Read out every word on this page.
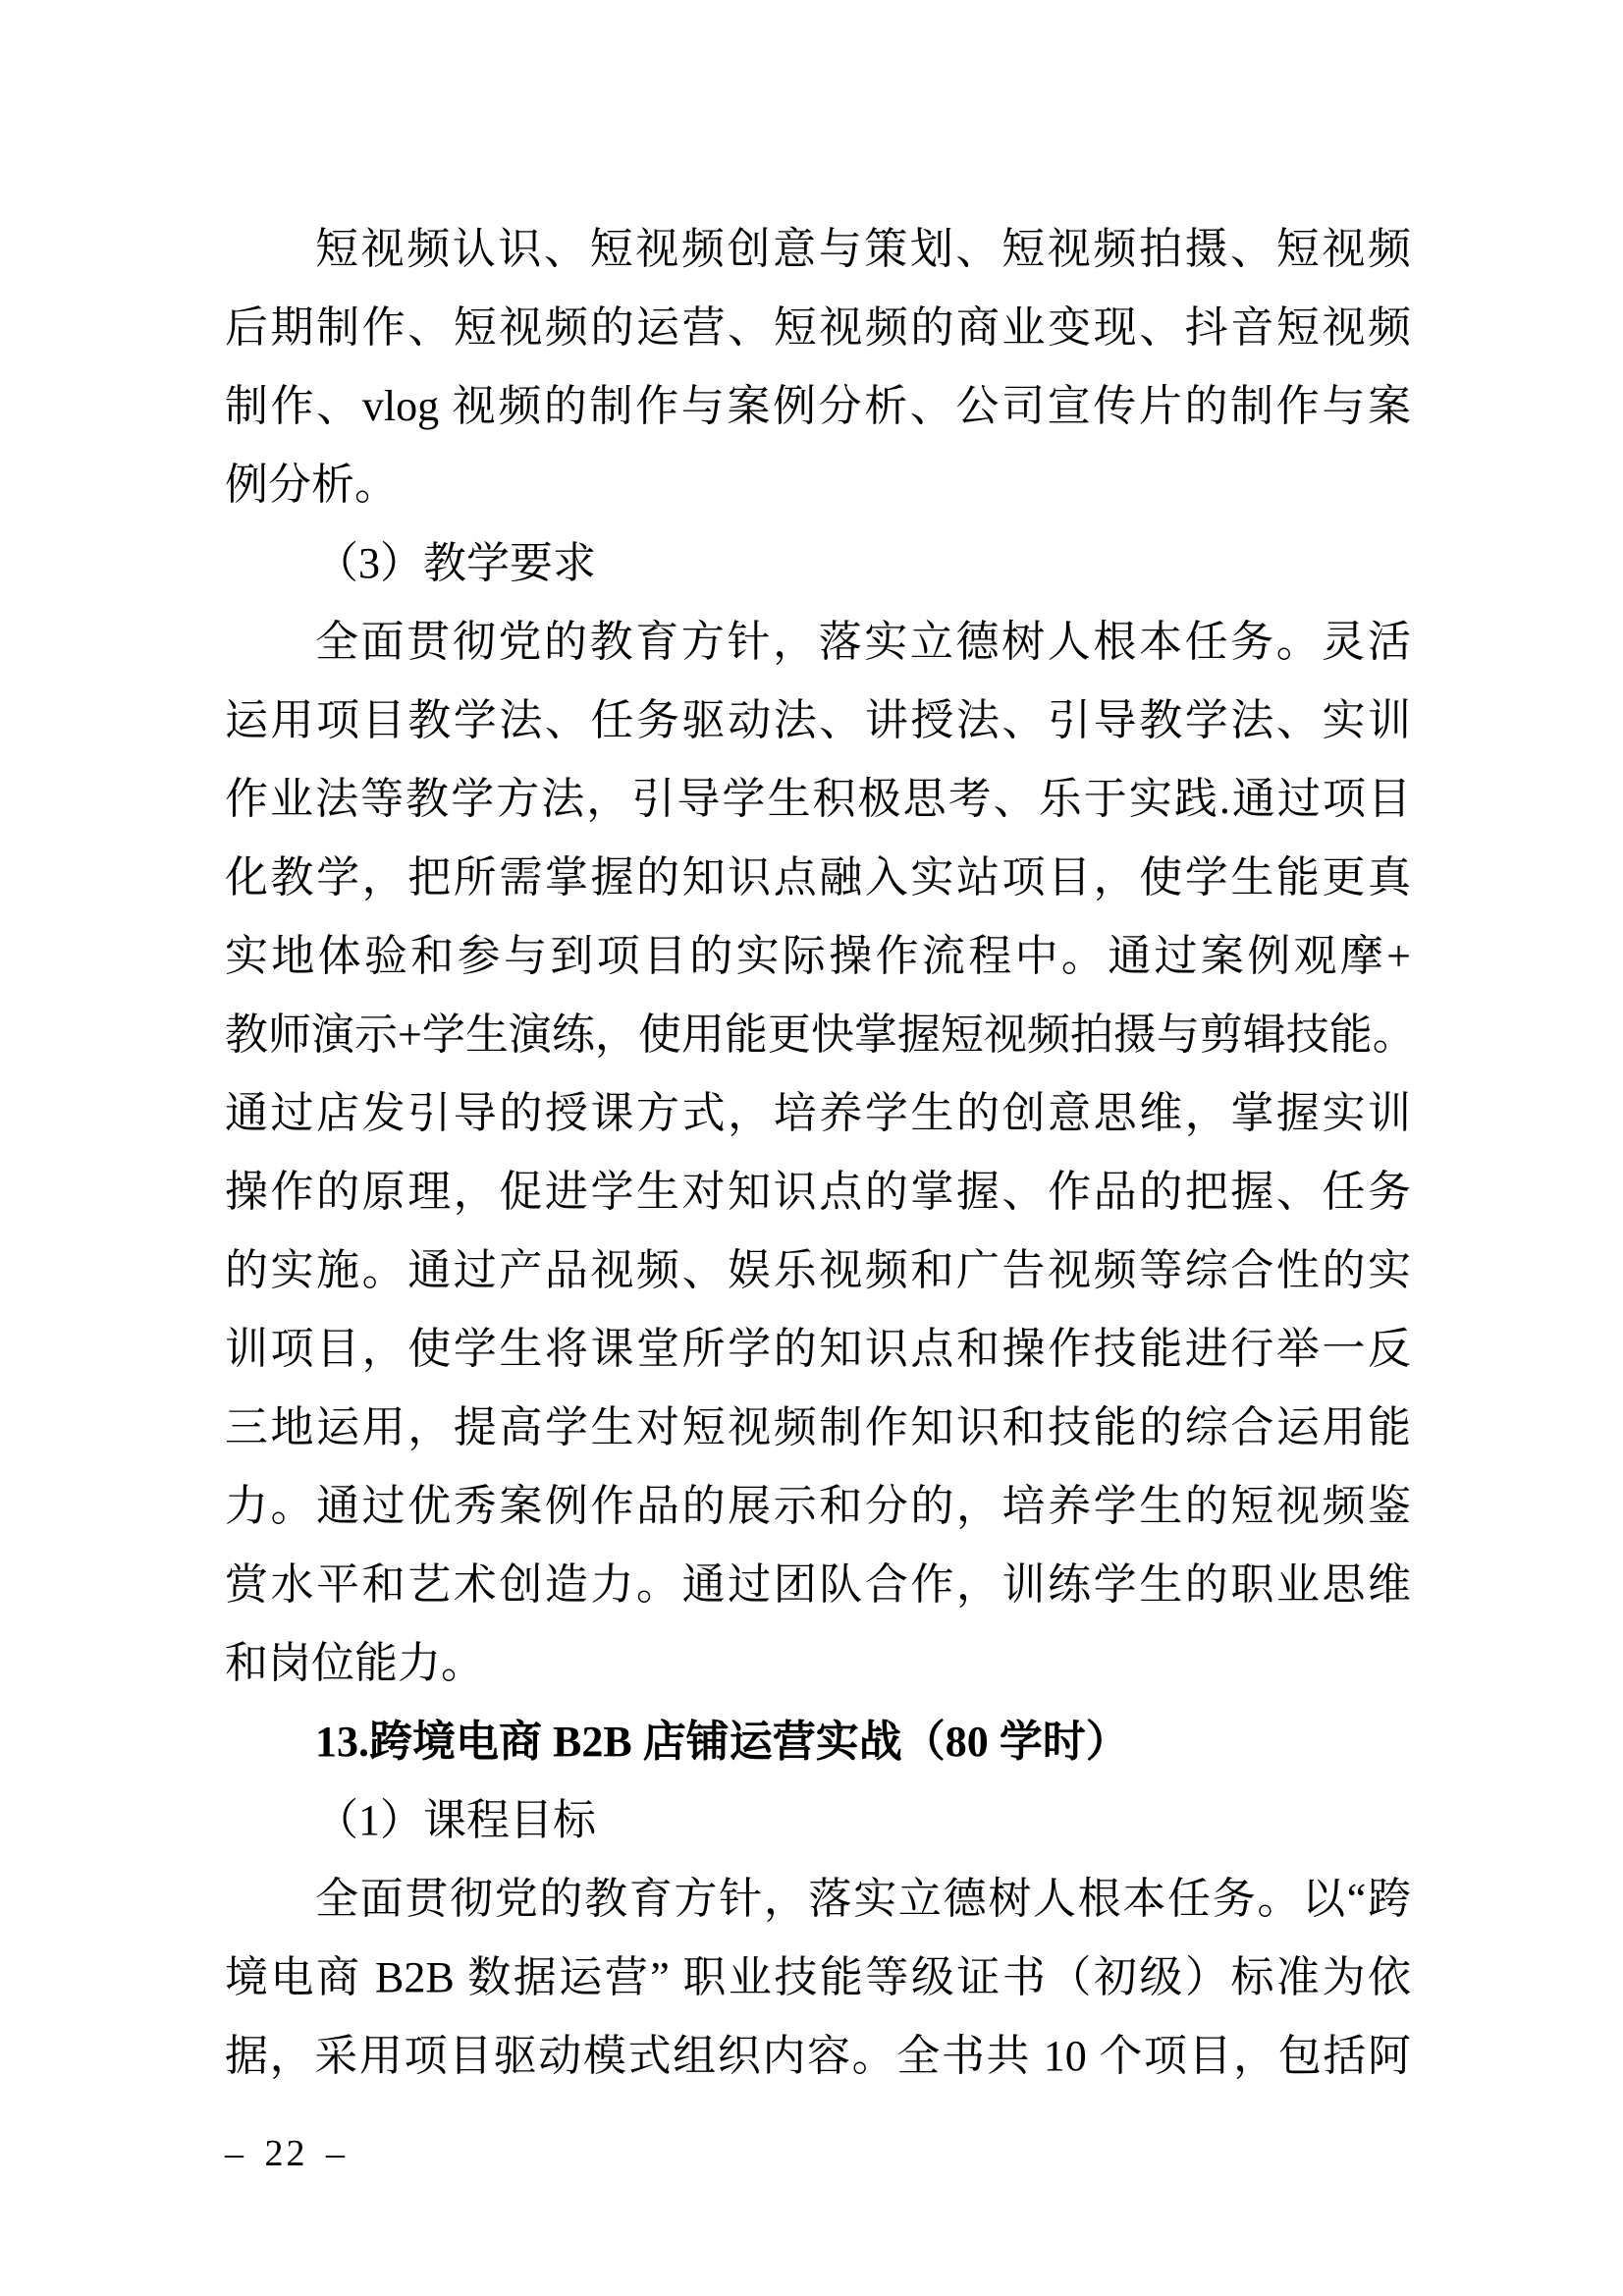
短视频认识、短视频创意与策划、短视频拍摄、短视频
后期制作、短视频的运营、短视频的商业变现、抖音短视频
制作、vlog 视频的制作与案例分析、公司宣传片的制作与案
例分析。
（3）教学要求
全面贯彻党的教育方针，落实立德树人根本任务。灵活
运用项目教学法、任务驱动法、讲授法、引导教学法、实训
作业法等教学方法，引导学生积极思考、乐于实践.通过项目
化教学，把所需掌握的知识点融入实站项目，使学生能更真
实地体验和参与到项目的实际操作流程中。通过案例观摩+
教师演示+学生演练，使用能更快掌握短视频拍摄与剪辑技能。
通过店发引导的授课方式，培养学生的创意思维，掌握实训
操作的原理，促进学生对知识点的掌握、作品的把握、任务
的实施。通过产品视频、娱乐视频和广告视频等综合性的实
训项目，使学生将课堂所学的知识点和操作技能进行举一反
三地运用，提高学生对短视频制作知识和技能的综合运用能
力。通过优秀案例作品的展示和分的，培养学生的短视频鉴
赏水平和艺术创造力。通过团队合作，训练学生的职业思维
和岗位能力。
13.跨境电商 B2B 店铺运营实战（80 学时）
（1）课程目标
全面贯彻党的教育方针，落实立德树人根本任务。以“跨
境电商 B2B 数据运营” 职业技能等级证书（初级）标准为依
据，采用项目驱动模式组织内容。全书共 10 个项目，包括阿
– 22 –
